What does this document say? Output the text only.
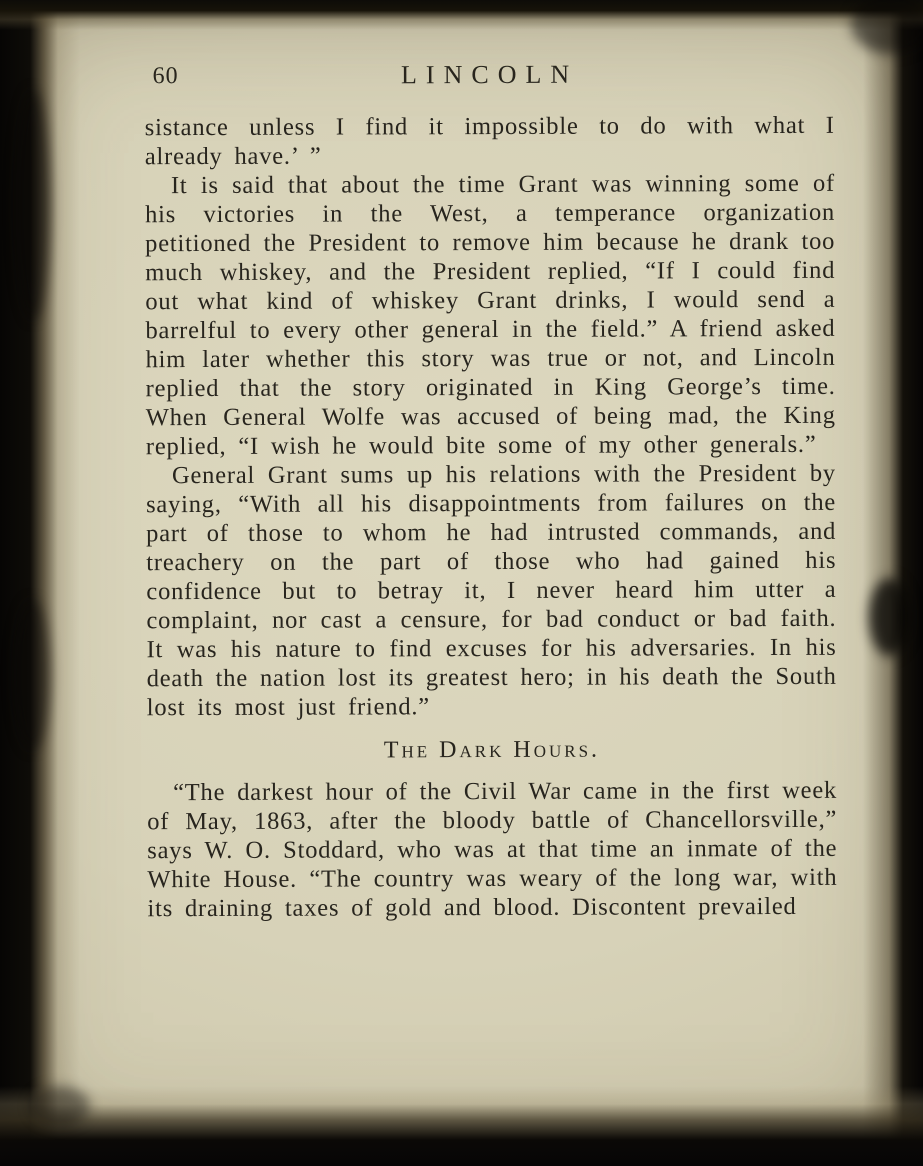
60	LINCOLN

sistance unless I find it impossible to do with what I already have.’ ”

It is said that about the time Grant was winning some of his victories in the West, a temperance organization petitioned the President to remove him because he drank too much whiskey, and the President replied, “If I could find out what kind of whiskey Grant drinks, I would send a barrelful to every other general in the field.” A friend asked him later whether this story was true or not, and Lincoln replied that the story originated in King George’s time. When General Wolfe was accused of being mad, the King replied, “I wish he would bite some of my other generals.”

General Grant sums up his relations with the President by saying, “With all his disappointments from failures on the part of those to whom he had intrusted commands, and treachery on the part of those who had gained his confidence but to betray it, I never heard him utter a complaint, nor cast a censure, for bad conduct or bad faith. It was his nature to find excuses for his adversaries. In his death the nation lost its greatest hero; in his death the South lost its most just friend.”

The Dark Hours.

“The darkest hour of the Civil War came in the first week of May, 1863, after the bloody battle of Chancellorsville,” says W. O. Stoddard, who was at that time an inmate of the White House. “The country was weary of the long war, with its draining taxes of gold and blood. Discontent prevailed
